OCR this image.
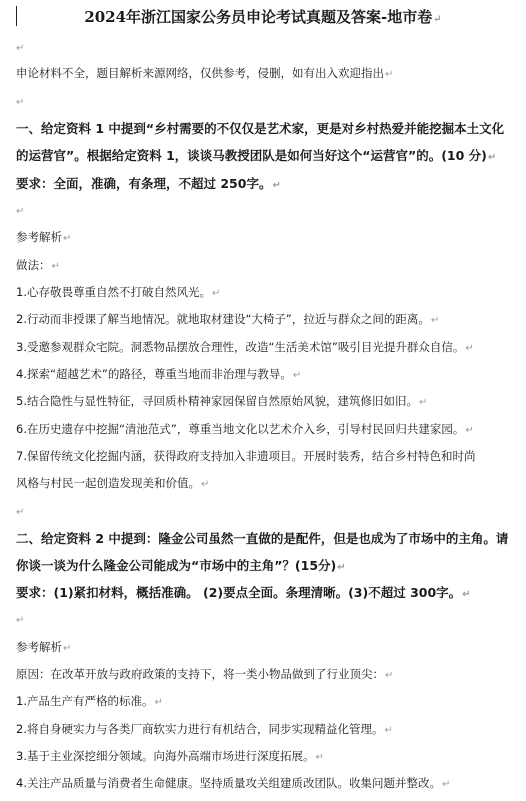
2024年浙江国家公务员申论考试真题及答案-地市卷↵
↵
申论材料不全，题目解析来源网络，仅供参考，侵删，如有出入欢迎指出↵
↵
一、给定资料 1 中提到“乡村需要的不仅仅是艺术家，更是对乡村热爱并能挖掘本土文化
的运营官”。根据给定资料 1，谈谈马教授团队是如何当好这个“运营官”的。(10 分)↵
要求：全面，准确，有条理，不超过 250字。↵
↵
参考解析↵
做法：↵
1.心存敬畏尊重自然不打破自然风光。↵
2.行动而非授课了解当地情况。就地取材建设“大椅子”，拉近与群众之间的距离。↵
3.受邀参观群众宅院。洞悉物品摆放合理性，改造“生活美术馆”吸引目光提升群众自信。↵
4.探索“超越艺术”的路径，尊重当地而非治理与教导。↵
5.结合隐性与显性特征，寻回质朴精神家园保留自然原始风貌，建筑修旧如旧。↵
6.在历史遗存中挖掘“清池范式”，尊重当地文化以艺术介入乡，引导村民回归共建家园。↵
7.保留传统文化挖掘内涵，获得政府支持加入非遗项目。开展时装秀，结合乡村特色和时尚
风格与村民一起创造发现美和价值。↵
↵
二、给定资料 2 中提到：隆金公司虽然一直做的是配件，但是也成为了市场中的主角。请
你谈一谈为什么隆金公司能成为“市场中的主角”？(15分)↵
要求：(1)紧扣材料，概括准确。 (2)要点全面。条理清晰。(3)不超过 300字。↵
↵
参考解析↵
原因：在改革开放与政府政策的支持下，将一类小物品做到了行业顶尖：↵
1.产品生产有严格的标准。↵
2.将自身硬实力与各类厂商软实力进行有机结合，同步实现精益化管理。↵
3.基于主业深挖细分领域。向海外高端市场进行深度拓展。↵
4.关注产品质量与消费者生命健康。坚持质量攻关组建质改团队。收集问题并整改。↵
